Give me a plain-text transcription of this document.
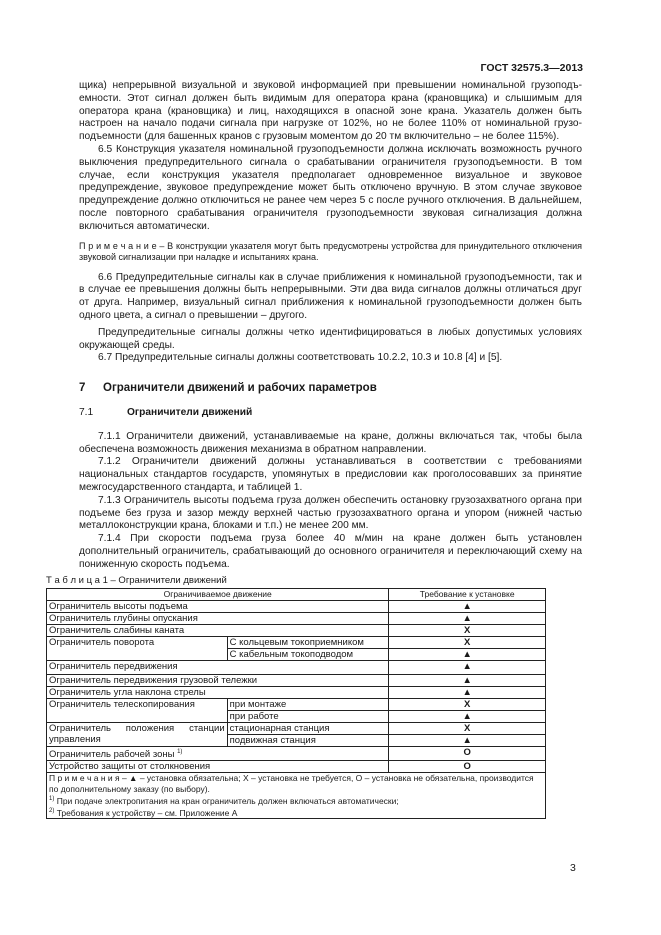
ГОСТ 32575.3—2013

щика) непрерывной визуальной и звуковой информацией при превышении номинальной грузоподъ-емности. Этот сигнал должен быть видимым для оператора крана (крановщика) и слышимым для оператора крана (крановщика) и лиц, находящихся в опасной зоне крана. Указатель должен быть настроен на начало подачи сигнала при нагрузке от 102%, но не более 110% от номинальной грузо-подъемности (для башенных кранов с грузовым моментом до 20 тм включительно – не более 115%).

6.5 Конструкция указателя номинальной грузоподъемности должна исключать возможность ручного выключения предупредительного сигнала о срабатывании ограничителя грузоподъемности. В том случае, если конструкция указателя предполагает одновременное визуальное и звуковое предупреждение, звуковое предупреждение может быть отключено вручную. В этом случае звуковое предупреждение должно отключиться не ранее чем через 5 с после ручного отключения. В дальнейшем, после повторного срабатывания ограничителя грузоподъемности звуковая сигнализация должна включиться автоматически.

П р и м е ч а н и е – В конструкции указателя могут быть предусмотрены устройства для принудительного отключения звуковой сигнализации при наладке и испытаниях крана.

6.6 Предупредительные сигналы как в случае приближения к номинальной грузоподъемности, так и в случае ее превышения должны быть непрерывными. Эти два вида сигналов должны отличаться друг от друга. Например, визуальный сигнал приближения к номинальной грузоподъемности должен быть одного цвета, а сигнал о превышении – другого.

Предупредительные сигналы должны четко идентифицироваться в любых допустимых условиях окружающей среды.

6.7 Предупредительные сигналы должны соответствовать 10.2.2, 10.3 и 10.8 [4] и [5].

7 Ограничители движений и рабочих параметров

7.1	Ограничители движений

7.1.1 Ограничители движений, устанавливаемые на кране, должны включаться так, чтобы была обеспечена возможность движения механизма в обратном направлении.

7.1.2 Ограничители движений должны устанавливаться в соответствии с требованиями национальных стандартов государств, упомянутых в предисловии как проголосовавших за принятие межгосударственного стандарта, и таблицей 1.

7.1.3 Ограничитель высоты подъема груза должен обеспечить остановку грузозахватного органа при подъеме без груза и зазор между верхней частью грузозахватного органа и упором (нижней частью металлоконструкции крана, блоками и т.п.) не менее 200 мм.

7.1.4 При скорости подъема груза более 40 м/мин на кране должен быть установлен дополнительный ограничитель, срабатывающий до основного ограничителя и переключающий схему на пониженную скорость подъема.

Т а б л и ц а 1 – Ограничители движений

Ограничиваемое движение		Требование к установке
Ограничитель высоты подъема		▲
Ограничитель глубины опускания		▲
Ограничитель слабины каната		X
Ограничитель поворота	С кольцевым токоприемником	X
	С кабельным токоподводом	▲
Ограничитель передвижения		▲
Ограничитель передвижения грузовой тележки		▲
Ограничитель угла наклона стрелы		▲
Ограничитель телескопирования	при монтаже	X
	при работе	▲
Ограничитель положения станции управления	стационарная станция	X
	подвижная станция	▲
Ограничитель рабочей зоны $^{1)}$		О
Устройство защиты от столкновения		О

П р и м е ч а н и я – ▲ – установка обязательна; X – установка не требуется, О – установка не обязательна, производится по дополнительному заказу (по выбору).
$^{1)}$ При подаче электропитания на кран ограничитель должен включаться автоматически;
$^{2)}$ Требования к устройству – см. Приложение А		
3
